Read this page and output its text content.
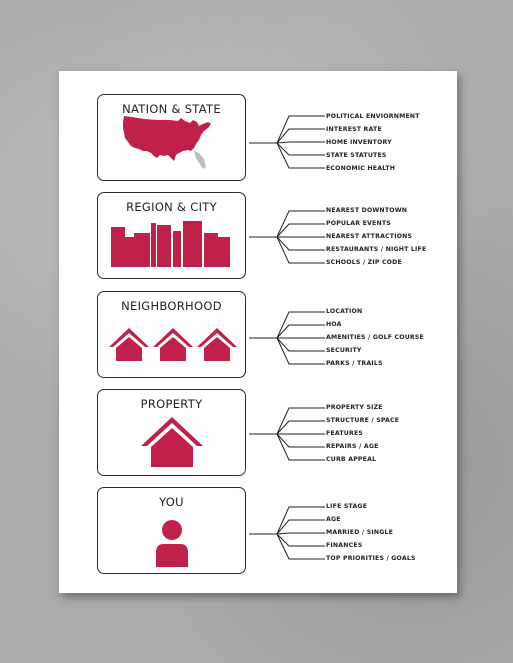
NATION & STATE
POLITICAL ENVIORNMENT
INTEREST RATE
HOME INVENTORY
STATE STATUTES
ECONOMIC HEALTH
REGION & CITY	NEAREST DOWNTOWN
POPULAR EVENTS
NEAREST ATTRACTIONS
RESTAURANTS / NIGHT LIFE
SCHOOLS / ZIP CODE
NEIGHBORHOOD	LOCATION
HOA
AMENITIES / GOLF COURSE
SECURITY
PARKS / TRAILS
PROPERTY	PROPERTY SIZE
STRUCTURE / SPACE
FEATURES
REPAIRS / AGE
CURB APPEAL
YOU	LIFE STAGE
AGE
MARRIED / SINGLE
FINANCES
TOP PRIORITIES / GOALS
